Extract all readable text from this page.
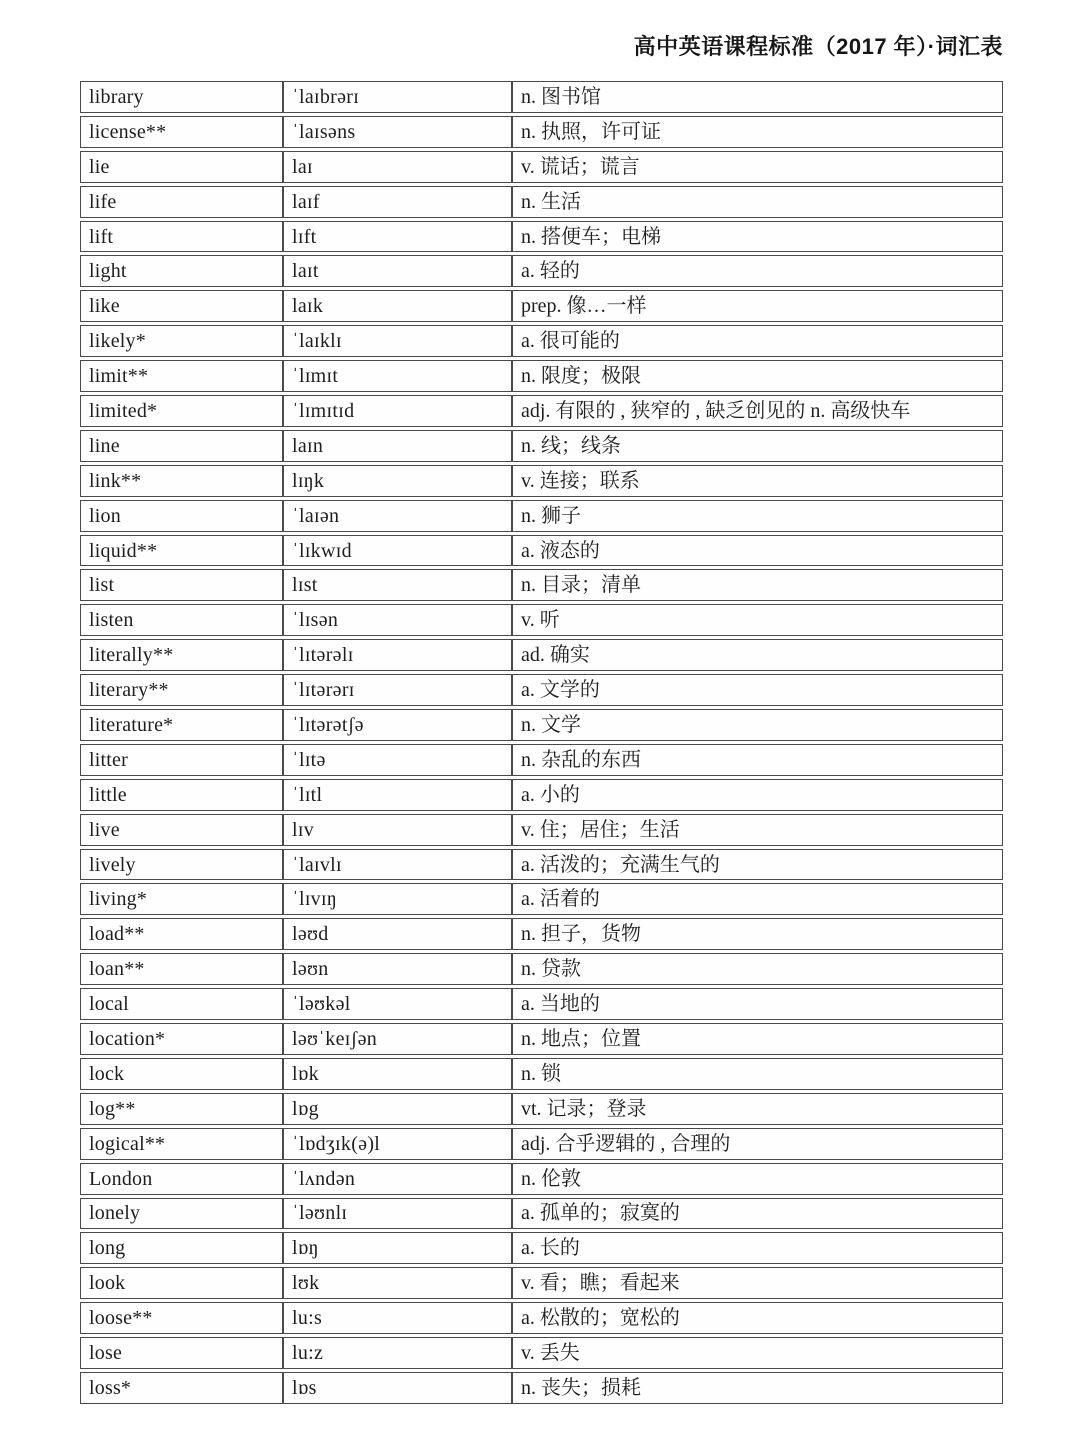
高中英语课程标准（2017 年）·词汇表
library	ˈlaɪbrərɪ	n. 图书馆
license**	ˈlaɪsəns	n. 执照，许可证
lie	laɪ	v. 谎话；谎言
life	laɪf	n. 生活
lift	lɪft	n. 搭便车；电梯
light	laɪt	a. 轻的
like	laɪk	prep. 像…一样
likely*	ˈlaɪklɪ	a. 很可能的
limit**	ˈlɪmɪt	n. 限度；极限
limited*	ˈlɪmɪtɪd	adj. 有限的 , 狭窄的 , 缺乏创见的 n. 高级快车
line	laɪn	n. 线；线条
link**	lɪŋk	v. 连接；联系
lion	ˈlaɪən	n. 狮子
liquid**	ˈlɪkwɪd	a. 液态的
list	lɪst	n. 目录；清单
listen	ˈlɪsən	v. 听
literally**	ˈlɪtərəlɪ	ad. 确实
literary**	ˈlɪtərərɪ	a. 文学的
literature*	ˈlɪtərətʃə	n. 文学
litter	ˈlɪtə	n. 杂乱的东西
little	ˈlɪtl	a. 小的
live	lɪv	v. 住；居住；生活
lively	ˈlaɪvlɪ	a. 活泼的；充满生气的
living*	ˈlɪvɪŋ	a. 活着的
load**	ləʊd	n. 担子，货物
loan**	ləʊn	n. 贷款
local	ˈləʊkəl	a. 当地的
location*	ləʊˈkeɪʃən	n. 地点；位置
lock	lɒk	n. 锁
log**	lɒg	vt. 记录；登录
logical**	ˈlɒdʒɪk(ə)l	adj. 合乎逻辑的 , 合理的
London	ˈlʌndən	n. 伦敦
lonely	ˈləʊnlɪ	a. 孤单的；寂寞的
long	lɒŋ	a. 长的
look	lʊk	v. 看；瞧；看起来
loose**	lu:s	a. 松散的；宽松的
lose	lu:z	v. 丢失
loss*	lɒs	n. 丧失；损耗
